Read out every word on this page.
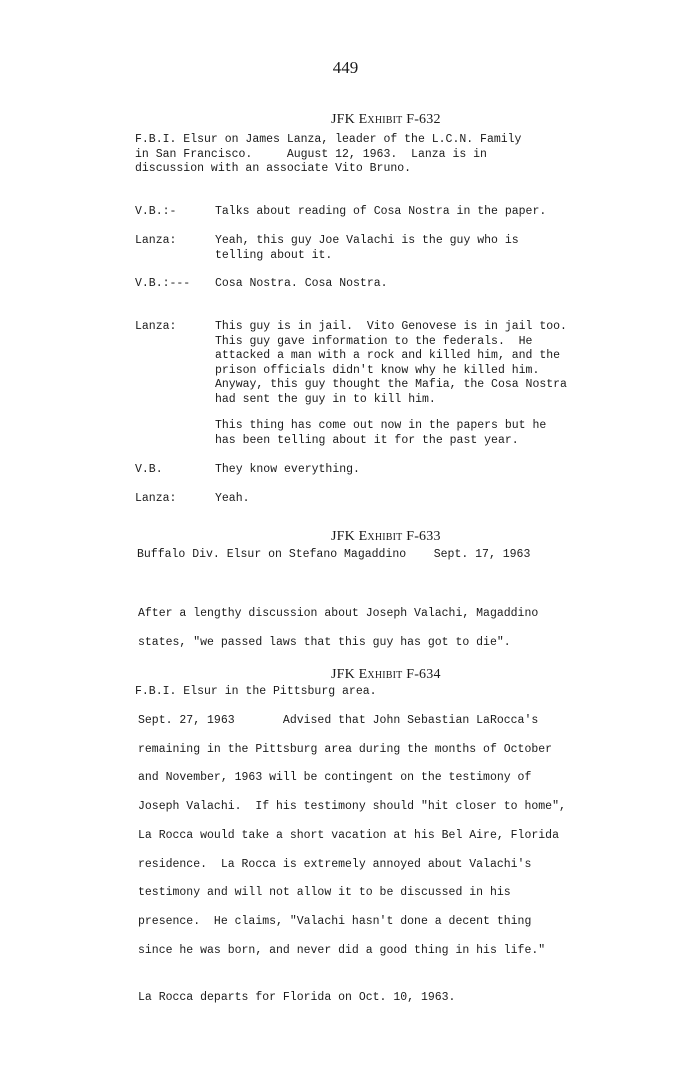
449
JFK Exhibit F-632
F.B.I. Elsur on James Lanza, leader of the L.C.N. Family
in San Francisco.     August 12, 1963.  Lanza is in
discussion with an associate Vito Bruno.
V.B.:-	Talks about reading of Cosa Nostra in the paper.
Lanza:	Yeah, this guy Joe Valachi is the guy who is
telling about it.
V.B.:--- Cosa Nostra. Cosa Nostra.
Lanza:	This guy is in jail.  Vito Genovese is in jail too.
This guy gave information to the federals.  He
attacked a man with a rock and killed him, and the
prison officials didn't know why he killed him.
Anyway, this guy thought the Mafia, the Cosa Nostra
had sent the guy in to kill him.
This thing has come out now in the papers but he
has been telling about it for the past year.
V.B.	They know everything.
Lanza:	Yeah.
JFK Exhibit F-633
Buffalo Div. Elsur on Stefano Magaddino    Sept. 17, 1963
After a lengthy discussion about Joseph Valachi, Magaddino
states, "we passed laws that this guy has got to die".
JFK Exhibit F-634
F.B.I. Elsur in the Pittsburg area.
Sept. 27, 1963       Advised that John Sebastian LaRocca's
remaining in the Pittsburg area during the months of October
and November, 1963 will be contingent on the testimony of
Joseph Valachi.  If his testimony should "hit closer to home",
La Rocca would take a short vacation at his Bel Aire, Florida
residence.  La Rocca is extremely annoyed about Valachi's
testimony and will not allow it to be discussed in his
presence.  He claims, "Valachi hasn't done a decent thing
since he was born, and never did a good thing in his life."
La Rocca departs for Florida on Oct. 10, 1963.
